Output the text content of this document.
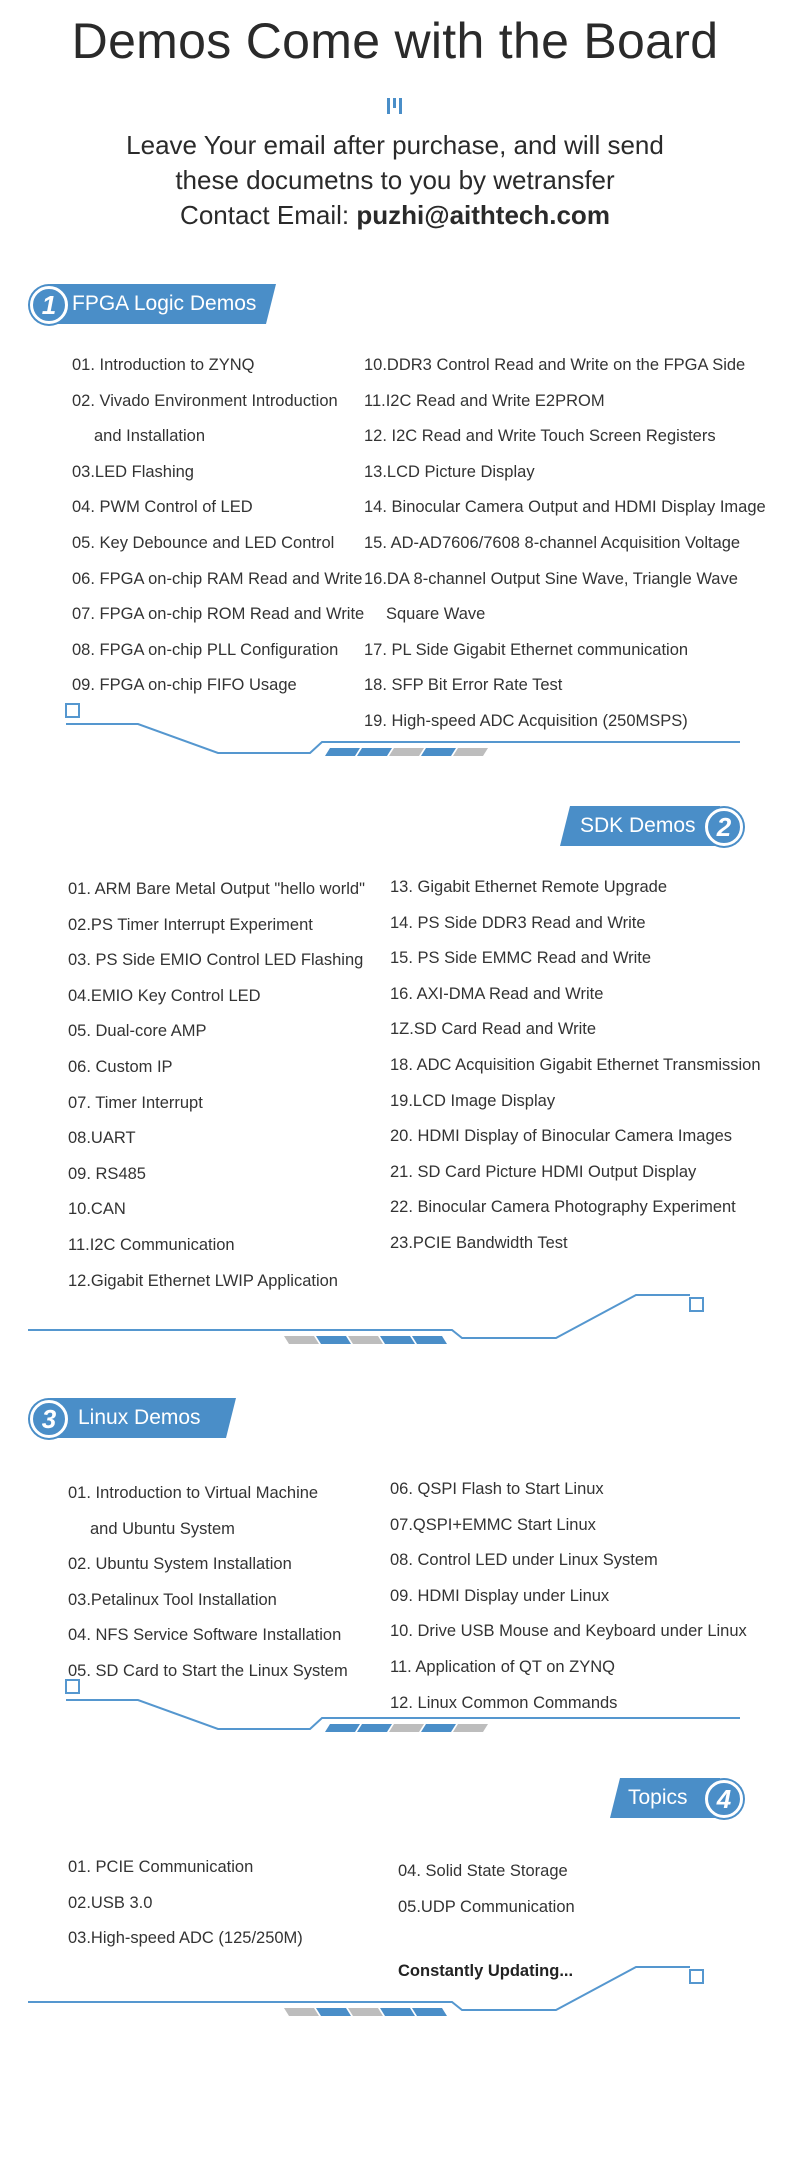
Demos Come with the Board
Leave Your email after purchase, and will send
these documetns to you by wetransfer
Contact Email: puzhi@aithtech.com
1 FPGA Logic Demos
01. Introduction to ZYNQ
02. Vivado Environment Introduction
and Installation
03.LED Flashing
04. PWM Control of LED
05. Key Debounce and LED Control
06. FPGA on-chip RAM Read and Write
07. FPGA on-chip ROM Read and Write
08. FPGA on-chip PLL Configuration
09. FPGA on-chip FIFO Usage
10.DDR3 Control Read and Write on the FPGA Side
11.I2C Read and Write E2PROM
12. I2C Read and Write Touch Screen Registers
13.LCD Picture Display
14. Binocular Camera Output and HDMI Display Image
15. AD-AD7606/7608 8-channel Acquisition Voltage
16.DA 8-channel Output Sine Wave, Triangle Wave
Square Wave
17. PL Side Gigabit Ethernet communication
18. SFP Bit Error Rate Test
19. High-speed ADC Acquisition (250MSPS)
2
SDK Demos
01. ARM Bare Metal Output "hello world"
02.PS Timer Interrupt Experiment
03. PS Side EMIO Control LED Flashing
04.EMIO Key Control LED
05. Dual-core AMP
06. Custom IP
07. Timer Interrupt
08.UART
09. RS485
10.CAN
11.I2C Communication
12.Gigabit Ethernet LWIP Application
13. Gigabit Ethernet Remote Upgrade
14. PS Side DDR3 Read and Write
15. PS Side EMMC Read and Write
16. AXI-DMA Read and Write
1Z.SD Card Read and Write
18. ADC Acquisition Gigabit Ethernet Transmission
19.LCD Image Display
20. HDMI Display of Binocular Camera Images
21. SD Card Picture HDMI Output Display
22. Binocular Camera Photography Experiment
23.PCIE Bandwidth Test
3	Linux Demos
01. Introduction to Virtual Machine
and Ubuntu System
02. Ubuntu System Installation
03.Petalinux Tool Installation
04. NFS Service Software Installation
05. SD Card to Start the Linux System
06. QSPI Flash to Start Linux
07.QSPI+EMMC Start Linux
08. Control LED under Linux System
09. HDMI Display under Linux
10. Drive USB Mouse and Keyboard under Linux
11. Application of QT on ZYNQ
12. Linux Common Commands
4
Topics
01. PCIE Communication
02.USB 3.0
03.High-speed ADC (125/250M)
04. Solid State Storage
05.UDP Communication
Constantly Updating...
